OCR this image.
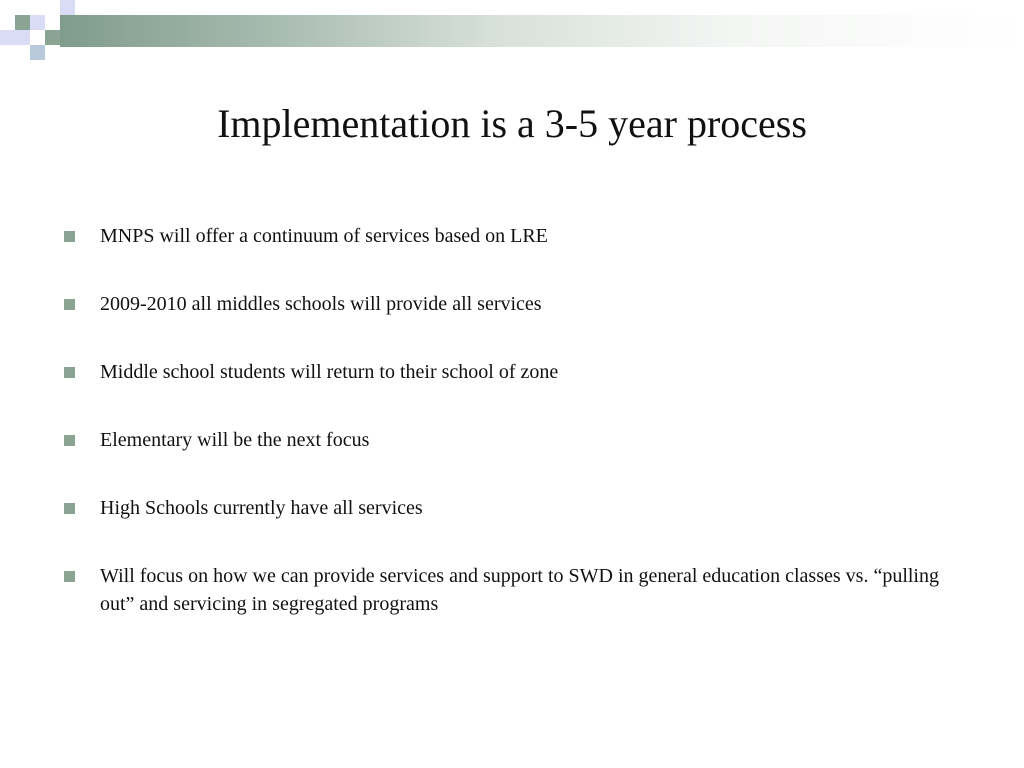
Implementation is a 3-5 year process
MNPS will offer a continuum of services based on LRE
2009-2010 all middles schools will provide all services
Middle school students will return to their school of zone
Elementary will be the next focus
High Schools currently have all services
Will focus on how we can provide services and support to SWD in general education classes vs. “pulling out” and servicing in segregated programs
